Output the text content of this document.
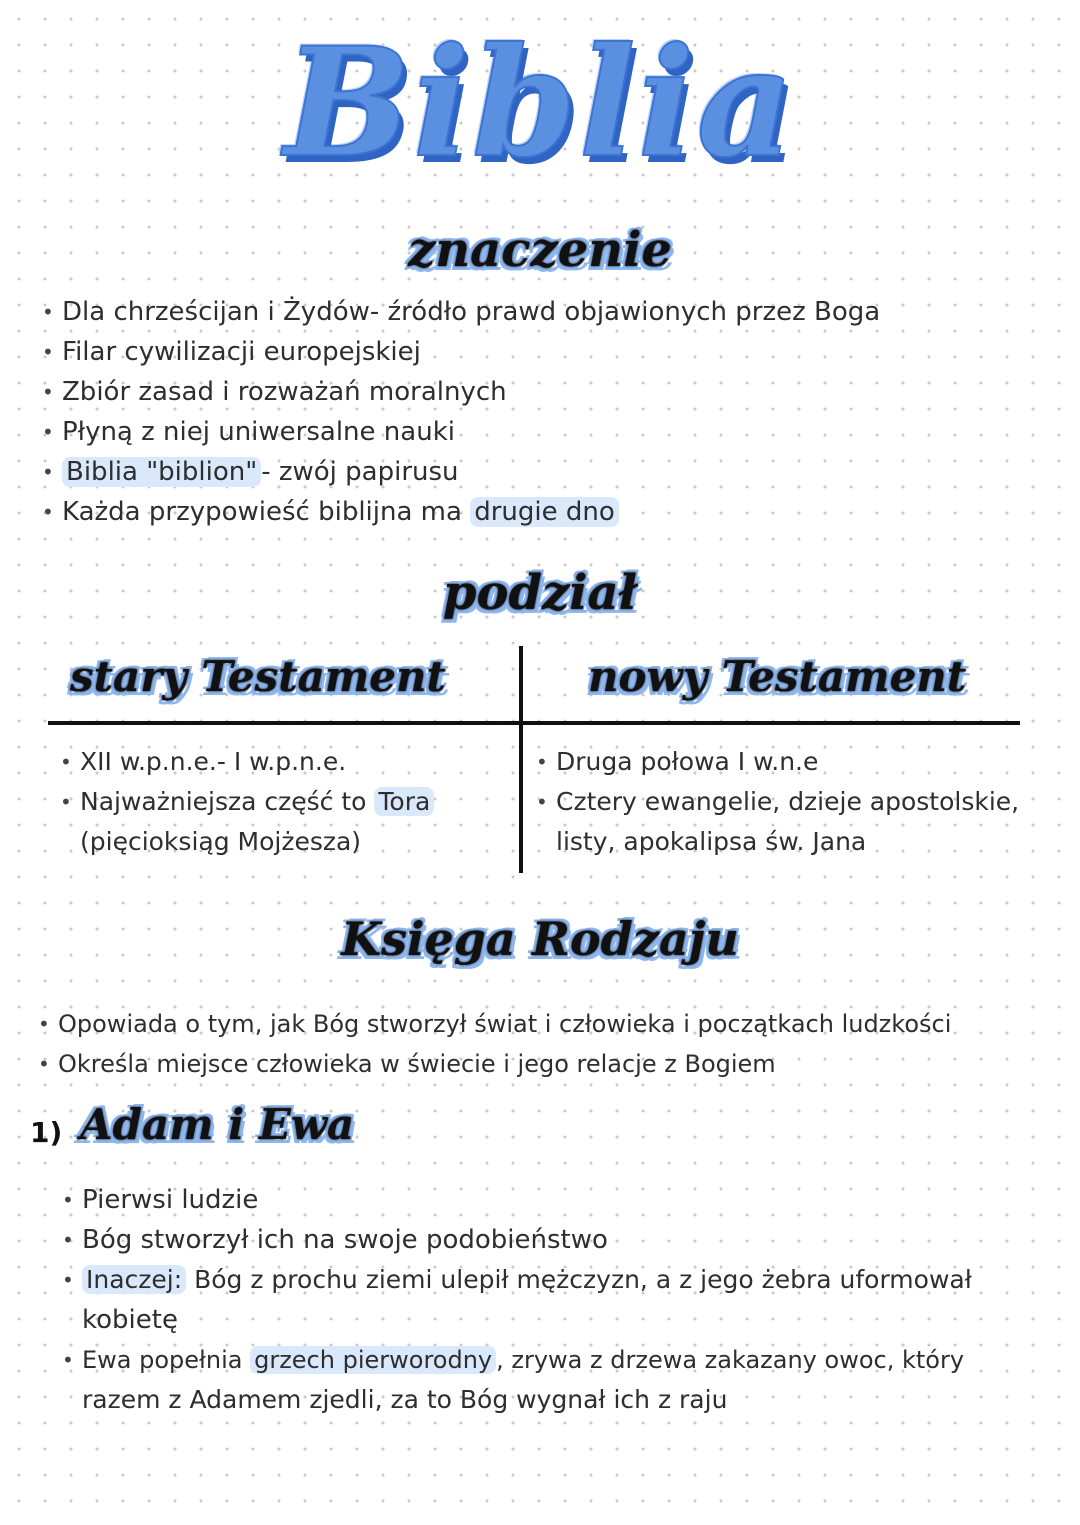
Biblia
znaczenie
• Dla chrześcijan i Żydów- źródło prawd objawionych przez Boga
• Filar cywilizacji europejskiej
• Zbiór zasad i rozważań moralnych
• Płyną z niej uniwersalne nauki
• Biblia "biblion" - zwój papirusu
• Każda przypowieść biblijna ma drugie dno
podział
stary Testament	nowy Testament
• XII w.p.n.e.- I w.p.n.e.
• Najważniejsza część to Tora
(pięcioksiąg Mojżesza)
• Druga połowa I w.n.e
• Cztery ewangelie, dzieje apostolskie,
listy, apokalipsa św. Jana
Księga Rodzaju
• Opowiada o tym, jak Bóg stworzył świat i człowieka i początkach ludzkości
• Określa miejsce człowieka w świecie i jego relacje z Bogiem
1) Adam i Ewa
• Pierwsi ludzie
• Bóg stworzył ich na swoje podobieństwo
• Inaczej: Bóg z prochu ziemi ulepił mężczyzn, a z jego żebra uformował
kobietę
• Ewa popełnia grzech pierworodny , zrywa z drzewa zakazany owoc, który
razem z Adamem zjedli, za to Bóg wygnał ich z raju
